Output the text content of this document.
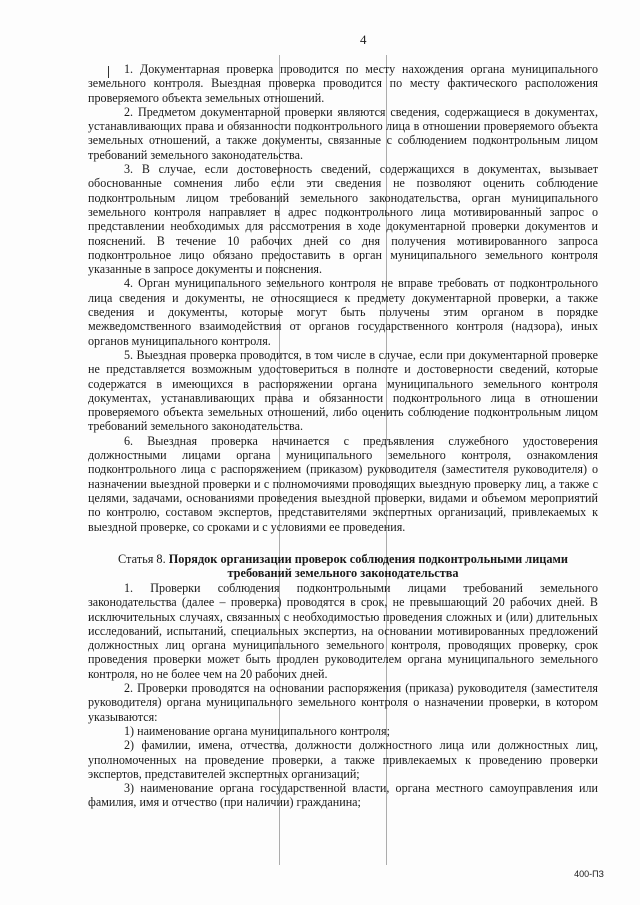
4

1. Документарная проверка проводится по месту нахождения органа муниципального земельного контроля. Выездная проверка проводится по месту фактического расположения проверяемого объекта земельных отношений.

2. Предметом документарной проверки являются сведения, содержащиеся в документах, устанавливающих права и обязанности подконтрольного лица в отношении проверяемого объекта земельных отношений, а также документы, связанные с соблюдением подконтрольным лицом требований земельного законодательства.

3. В случае, если достоверность сведений, содержащихся в документах, вызывает обоснованные сомнения либо если эти сведения не позволяют оценить соблюдение подконтрольным лицом требований земельного законодательства, орган муниципального земельного контроля направляет в адрес подконтрольного лица мотивированный запрос о представлении необходимых для рассмотрения в ходе документарной проверки документов и пояснений. В течение 10 рабочих дней со дня получения мотивированного запроса подконтрольное лицо обязано предоставить в орган муниципального земельного контроля указанные в запросе документы и пояснения.

4. Орган муниципального земельного контроля не вправе требовать от подконтрольного лица сведения и документы, не относящиеся к предмету документарной проверки, а также сведения и документы, которые могут быть получены этим органом в порядке межведомственного взаимодействия от органов государственного контроля (надзора), иных органов муниципального контроля.

5. Выездная проверка проводится, в том числе в случае, если при документарной проверке не представляется возможным удостовериться в полноте и достоверности сведений, которые содержатся в имеющихся в распоряжении органа муниципального земельного контроля документах, устанавливающих права и обязанности подконтрольного лица в отношении проверяемого объекта земельных отношений, либо оценить соблюдение подконтрольным лицом требований земельного законодательства.

6. Выездная проверка начинается с предъявления служебного удостоверения должностными лицами органа муниципального земельного контроля, ознакомления подконтрольного лица с распоряжением (приказом) руководителя (заместителя руководителя) о назначении выездной проверки и с полномочиями проводящих выездную проверку лиц, а также с целями, задачами, основаниями проведения выездной проверки, видами и объемом мероприятий по контролю, составом экспертов, представителями экспертных организаций, привлекаемых к выездной проверке, со сроками и с условиями ее проведения.

Статья 8. Порядок организации проверок соблюдения подконтрольными лицами требований земельного законодательства

1. Проверки соблюдения подконтрольными лицами требований земельного законодательства (далее – проверка) проводятся в срок, не превышающий 20 рабочих дней. В исключительных случаях, связанных с необходимостью проведения сложных и (или) длительных исследований, испытаний, специальных экспертиз, на основании мотивированных предложений должностных лиц органа муниципального земельного контроля, проводящих проверку, срок проведения проверки может быть продлен руководителем органа муниципального земельного контроля, но не более чем на 20 рабочих дней.

2. Проверки проводятся на основании распоряжения (приказа) руководителя (заместителя руководителя) органа муниципального земельного контроля о назначении проверки, в котором указываются:

1) наименование органа муниципального контроля;

2) фамилии, имена, отчества, должности должностного лица или должностных лиц, уполномоченных на проведение проверки, а также привлекаемых к проведению проверки экспертов, представителей экспертных организаций;

3) наименование органа государственной власти, органа местного самоуправления или фамилия, имя и отчество (при наличии) гражданина;

400-ПЗ
